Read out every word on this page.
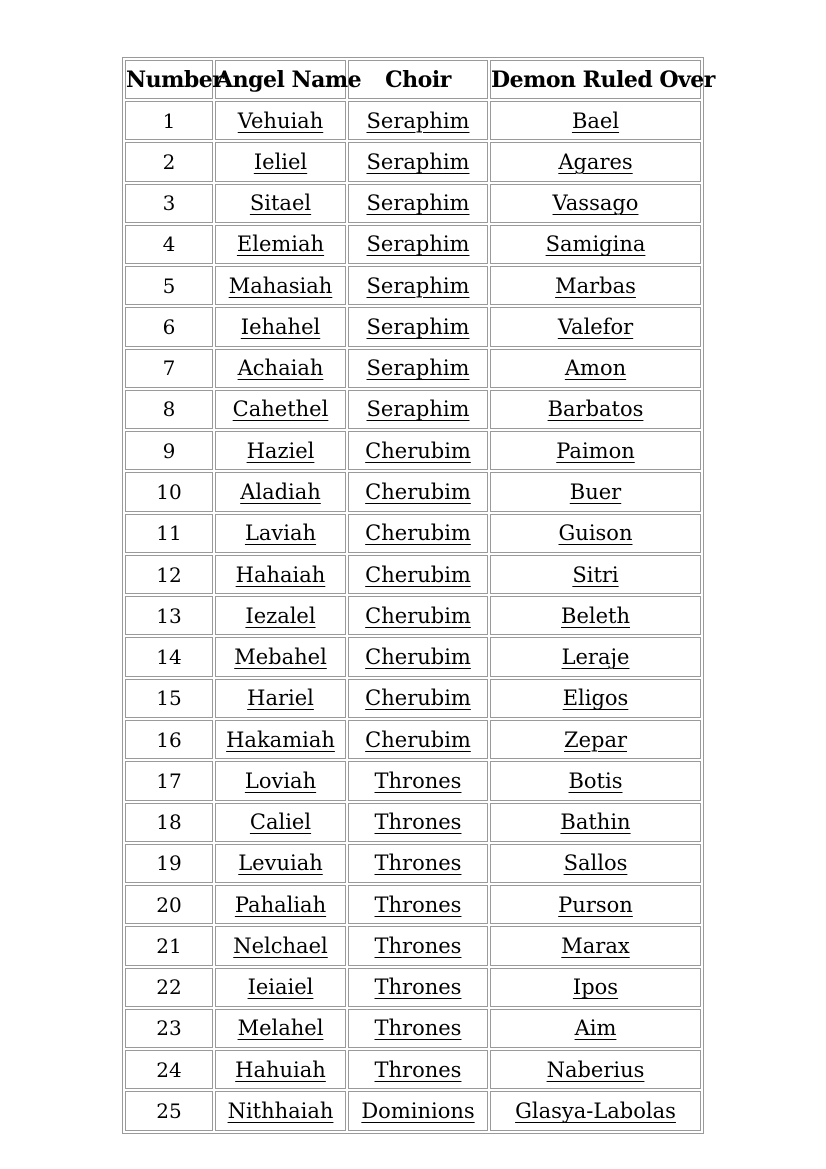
Number	Angel Name	Choir	Demon Ruled Over
1	Vehuiah	Seraphim	Bael
2	Ieliel	Seraphim	Agares
3	Sitael	Seraphim	Vassago
4	Elemiah	Seraphim	Samigina
5	Mahasiah	Seraphim	Marbas
6	Iehahel	Seraphim	Valefor
7	Achaiah	Seraphim	Amon
8	Cahethel	Seraphim	Barbatos
9	Haziel	Cherubim	Paimon
10	Aladiah	Cherubim	Buer
11	Laviah	Cherubim	Guison
12	Hahaiah	Cherubim	Sitri
13	Iezalel	Cherubim	Beleth
14	Mebahel	Cherubim	Leraje
15	Hariel	Cherubim	Eligos
16	Hakamiah	Cherubim	Zepar
17	Loviah	Thrones	Botis
18	Caliel	Thrones	Bathin
19	Levuiah	Thrones	Sallos
20	Pahaliah	Thrones	Purson
21	Nelchael	Thrones	Marax
22	Ieiaiel	Thrones	Ipos
23	Melahel	Thrones	Aim
24	Hahuiah	Thrones	Naberius
25	Nithhaiah	Dominions	Glasya-Labolas
